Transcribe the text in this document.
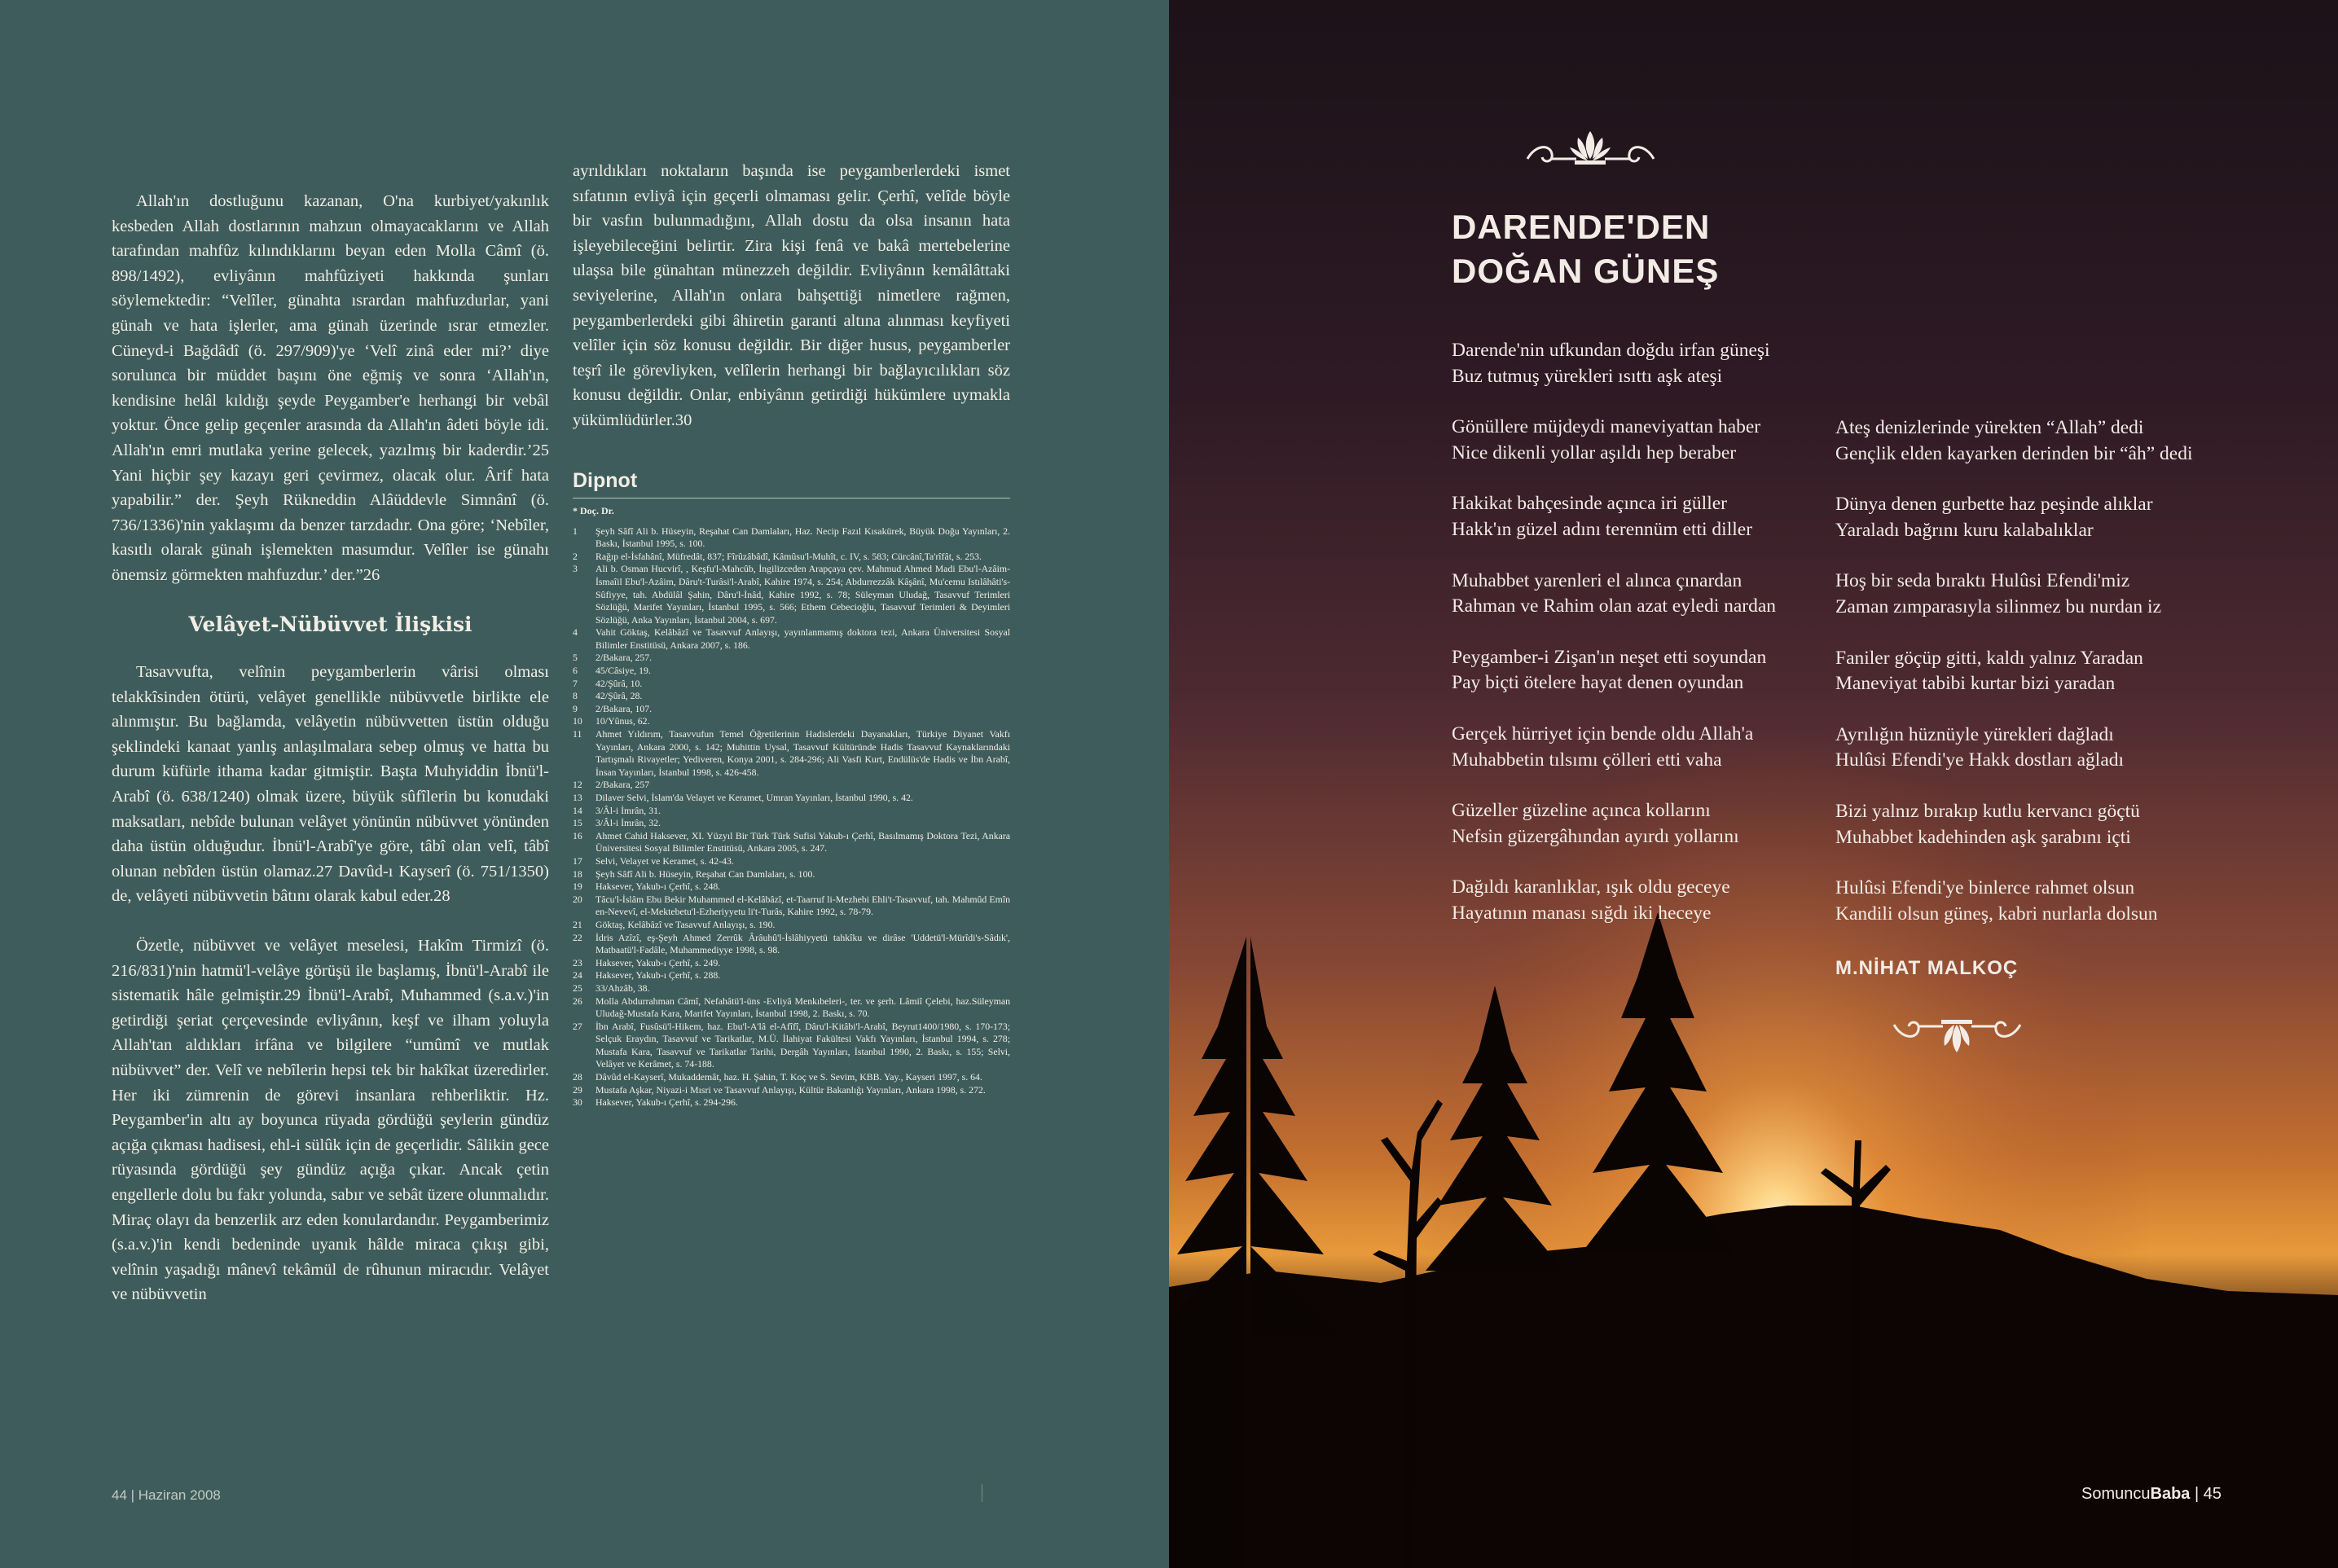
Allah'ın dostluğunu kazanan, O'na kurbiyet/yakınlık kesbeden Allah dostlarının mahzun olmayacaklarını ve Allah tarafından mahfûz kılındıklarını beyan eden Molla Câmî (ö. 898/1492), evliyânın mahfûziyeti hakkında şunları söylemektedir: “Velîler, günahta ısrardan mahfuzdurlar, yani günah ve hata işlerler, ama günah üzerinde ısrar etmezler. Cüneyd-i Bağdâdî (ö. 297/909)'ye ‘Velî zinâ eder mi?’ diye sorulunca bir müddet başını öne eğmiş ve sonra ‘Allah'ın, kendisine helâl kıldığı şeyde Peygamber'e herhangi bir vebâl yoktur. Önce gelip geçenler arasında da Allah'ın âdeti böyle idi. Allah'ın emri mutlaka yerine gelecek, yazılmış bir kaderdir.’25 Yani hiçbir şey kazayı geri çevirmez, olacak olur. Ârif hata yapabilir.” der. Şeyh Rükneddin Alâüddevle Simnânî (ö. 736/1336)'nin yaklaşımı da benzer tarzdadır. Ona göre; ‘Nebîler, kasıtlı olarak günah işlemekten masumdur. Velîler ise günahı önemsiz görmekten mahfuzdur.’ der.”26

Velâyet-Nübüvvet İlişkisi

Tasavvufta, velînin peygamberlerin vârisi olması telakkîsinden ötürü, velâyet genellikle nübüvvetle birlikte ele alınmıştır. Bu bağlamda, velâyetin nübüvvetten üstün olduğu şeklindeki kanaat yanlış anlaşılmalara sebep olmuş ve hatta bu durum küfürle ithama kadar gitmiştir. Başta Muhyiddin İbnü'l-Arabî (ö. 638/1240) olmak üzere, büyük sûfîlerin bu konudaki maksatları, nebîde bulunan velâyet yönünün nübüvvet yönünden daha üstün olduğudur. İbnü'l-Arabî'ye göre, tâbî olan velî, tâbî olunan nebîden üstün olamaz.27 Davûd-ı Kayserî (ö. 751/1350) de, velâyeti nübüvvetin bâtını olarak kabul eder.28

Özetle, nübüvvet ve velâyet meselesi, Hakîm Tirmizî (ö. 216/831)'nin hatmü'l-velâye görüşü ile başlamış, İbnü'l-Arabî ile sistematik hâle gelmiştir.29 İbnü'l-Arabî, Muhammed (s.a.v.)'in getirdiği şeriat çerçevesinde evliyânın, keşf ve ilham yoluyla Allah'tan aldıkları irfâna ve bilgilere “umûmî ve mutlak nübüvvet” der. Velî ve nebîlerin hepsi tek bir hakîkat üzeredirler. Her iki zümrenin de görevi insanlara rehberliktir. Hz. Peygamber'in altı ay boyunca rüyada gördüğü şeylerin gündüz açığa çıkması hadisesi, ehl-i sülûk için de geçerlidir. Sâlikin gece rüyasında gördüğü şey gündüz açığa çıkar. Ancak çetin engellerle dolu bu fakr yolunda, sabır ve sebât üzere olunmalıdır. Miraç olayı da benzerlik arz eden konulardandır. Peygamberimiz (s.a.v.)'in kendi bedeninde uyanık hâlde miraca çıkışı gibi, velînin yaşadığı mânevî tekâmül de rûhunun miracıdır. Velâyet ve nübüvvetin

ayrıldıkları noktaların başında ise peygamberlerdeki ismet sıfatının evliyâ için geçerli olmaması gelir. Çerhî, velîde böyle bir vasfın bulunmadığını, Allah dostu da olsa insanın hata işleyebileceğini belirtir. Zira kişi fenâ ve bakâ mertebelerine ulaşsa bile günahtan münezzeh değildir. Evliyânın kemâlâttaki seviyelerine, Allah'ın onlara bahşettiği nimetlere rağmen, peygamberlerdeki gibi âhiretin garanti altına alınması keyfiyeti velîler için söz konusu değildir. Bir diğer husus, peygamberler teşrî ile görevliyken, velîlerin herhangi bir bağlayıcılıkları söz konusu değildir. Onlar, enbiyânın getirdiği hükümlere uymakla yükümlüdürler.30

Dipnot
* Doç. Dr.
1	Şeyh Sâfî Ali b. Hüseyin, Reşahat Can Damlaları, Haz. Necip Fazıl Kısakürek, Büyük Doğu Yayınları, 2. Baskı, İstanbul 1995, s. 100.
2	Rağıp el-İsfahânî, Müfredât, 837; Fîrûzâbâdî, Kâmûsu'l-Muhît, c. IV, s. 583; Cürcânî,Ta'rîfât, s. 253.
3	Ali b. Osman Hucvirî, , Keşfu'l-Mahcûb, İngilizceden Arapçaya çev. Mahmud Ahmed Madi Ebu'l-Azâim-İsmaîil Ebu'l-Azâim, Dâru't-Turâsi'l-Arabî, Kahire 1974, s. 254; Abdurrezzâk Kâşânî, Mu'cemu Istılâhâti's-Sûfiyye, tah. Abdülâl Şahin, Dâru'l-İnâd, Kahire 1992, s. 78; Süleyman Uludağ, Tasavvuf Terimleri Sözlüğü, Marifet Yayınları, İstanbul 1995, s. 566; Ethem Cebecioğlu, Tasavvuf Terimleri & Deyimleri Sözlüğü, Anka Yayınları, İstanbul 2004, s. 697.
4	Vahit Göktaş, Kelâbâzî ve Tasavvuf Anlayışı, yayınlanmamış doktora tezi, Ankara Üniversitesi Sosyal Bilimler Enstitüsü, Ankara 2007, s. 186.
5	2/Bakara, 257.
6	45/Câsiye, 19.
7	42/Şûrâ, 10.
8	42/Şûrâ, 28.
9	2/Bakara, 107.
10	10/Yûnus, 62.
11	Ahmet Yıldırım, Tasavvufun Temel Öğretilerinin Hadislerdeki Dayanakları, Türkiye Diyanet Vakfı Yayınları, Ankara 2000, s. 142; Muhittin Uysal, Tasavvuf Kültüründe Hadis Tasavvuf Kaynaklarındaki Tartışmalı Rivayetler; Yediveren, Konya 2001, s. 284-296; Ali Vasfi Kurt, Endülüs'de Hadis ve İbn Arabî, İnsan Yayınları, İstanbul 1998, s. 426-458.
12	2/Bakara, 257
13	Dilaver Selvi, İslam'da Velayet ve Keramet, Umran Yayınları, İstanbul 1990, s. 42.
14	3/Âl-i İmrân, 31.
15	3/Âl-i İmrân, 32.
16	Ahmet Cahid Haksever, XI. Yüzyıl Bir Türk Türk Sufisi Yakub-ı Çerhî, Basılmamış Doktora Tezi, Ankara Üniversitesi Sosyal Bilimler Enstitüsü, Ankara 2005, s. 247.
17	Selvi, Velayet ve Keramet, s. 42-43.
18	Şeyh Sâfî Ali b. Hüseyin, Reşahat Can Damlaları, s. 100.
19	Haksever, Yakub-ı Çerhî, s. 248.
20	Tâcu'l-İslâm Ebu Bekir Muhammed el-Kelâbâzî, et-Taarruf li-Mezhebi Ehli't-Tasavvuf, tah. Mahmûd Emîn en-Nevevî, el-Mektebetu'l-Ezheriyyetu li't-Turâs, Kahire 1992, s. 78-79.
21	Göktaş, Kelâbâzî ve Tasavvuf Anlayışı, s. 190.
22	İdris Azîzî, eş-Şeyh Ahmed Zerrûk Ârâuhû'l-İslâhiyyetü tahkîku ve dirâse 'Uddetü'l-Mürîdi's-Sâdık', Matbaatü'l-Fadâle, Muhammediyye 1998, s. 98.
23	Haksever, Yakub-ı Çerhî, s. 249.
24	Haksever, Yakub-ı Çerhî, s. 288.
25	33/Ahzâb, 38.
26	Molla Abdurrahman Câmî, Nefahâtü'l-üns -Evliyâ Menkıbeleri-, ter. ve şerh. Lâmiî Çelebi, haz.Süleyman Uludağ-Mustafa Kara, Marifet Yayınları, İstanbul 1998, 2. Baskı, s. 70.
27	İbn Arabî, Fusûsü'l-Hikem, haz. Ebu'l-A'lâ el-Afîfî, Dâru'l-Kitâbi'l-Arabî, Beyrut1400/1980, s. 170-173; Selçuk Eraydın, Tasavvuf ve Tarikatlar, M.Ü. İlahiyat Fakültesi Vakfı Yayınları, İstanbul 1994, s. 278; Mustafa Kara, Tasavvuf ve Tarikatlar Tarihi, Dergâh Yayınları, İstanbul 1990, 2. Baskı, s. 155; Selvi, Velâyet ve Kerâmet, s. 74-188.
28	Dâvûd el-Kayserî, Mukaddemât, haz. H. Şahin, T. Koç ve S. Sevim, KBB. Yay., Kayseri 1997, s. 64.
29	Mustafa Aşkar, Niyazi-i Mısri ve Tasavvuf Anlayışı, Kültür Bakanlığı Yayınları, Ankara 1998, s. 272.
30	Haksever, Yakub-ı Çerhî, s. 294-296.
44 | Haziran 2008
DARENDE'DEN
DOĞAN GÜNEŞ
Darende'nin ufkundan doğdu irfan güneşi
Buz tutmuş yürekleri ısıttı aşk ateşi
Gönüllere müjdeydi maneviyattan haber
Nice dikenli yollar aşıldı hep beraber
Hakikat bahçesinde açınca iri güller
Hakk'ın güzel adını terennüm etti diller
Muhabbet yarenleri el alınca çınardan
Rahman ve Rahim olan azat eyledi nardan
Peygamber-i Zişan'ın neşet etti soyundan
Pay biçti ötelere hayat denen oyundan
Gerçek hürriyet için bende oldu Allah'a
Muhabbetin tılsımı çölleri etti vaha
Güzeller güzeline açınca kollarını
Nefsin güzergâhından ayırdı yollarını
Dağıldı karanlıklar, ışık oldu geceye
Hayatının manası sığdı iki heceye
Ateş denizlerinde yürekten “Allah” dedi
Gençlik elden kayarken derinden bir “âh” dedi
Dünya denen gurbette haz peşinde alıklar
Yaraladı bağrını kuru kalabalıklar
Hoş bir seda bıraktı Hulûsi Efendi'miz
Zaman zımparasıyla silinmez bu nurdan iz
Faniler göçüp gitti, kaldı yalnız Yaradan
Maneviyat tabibi kurtar bizi yaradan
Ayrılığın hüznüyle yürekleri dağladı
Hulûsi Efendi'ye Hakk dostları ağladı
Bizi yalnız bırakıp kutlu kervancı göçtü
Muhabbet kadehinden aşk şarabını içti
Hulûsi Efendi'ye binlerce rahmet olsun
Kandili olsun güneş, kabri nurlarla dolsun
M.NİHAT MALKOÇ
SomuncuBaba | 45
